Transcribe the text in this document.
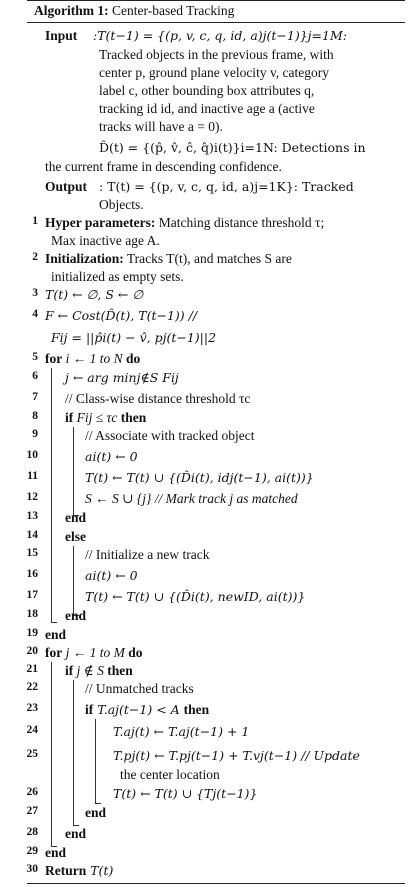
Algorithm 1: Center-based Tracking
Input :T(t−1) = {(p, v, c, q, id, a)j(t−1)}j=1M:
Tracked objects in the previous frame, with
center p, ground plane velocity v, category
label c, other bounding box attributes q,
tracking id id, and inactive age a (active
tracks will have a = 0).
D̂(t) = {(p̂, v̂, ĉ, q̂)i(t)}i=1N: Detections in
the current frame in descending confidence.
Output : T(t) = {(p, v, c, q, id, a)j=1K}: Tracked
Objects.
Hyper parameters: Matching distance threshold τ;
Max inactive age A.
Initialization: Tracks T(t), and matches S are
initialized as empty sets.
T(t) ← ∅, S ← ∅
F ← Cost(D̂(t), T(t−1)) //
Fij = ||p̂i(t) − v̂, pj(t−1)||2
for i ← 1 to N do
j ← arg minj∉S Fij
// Class-wise distance threshold τc
if Fij ≤ τc then
// Associate with tracked object
ai(t) ← 0
T(t) ← T(t) ∪ {(D̂i(t), idj(t−1), ai(t))}
S ← S ∪ {j} // Mark track j as matched
end
else
// Initialize a new track
ai(t) ← 0
T(t) ← T(t) ∪ {(D̂i(t), newID, ai(t))}
end
end
for j ← 1 to M do
if j ∉ S then
// Unmatched tracks
if T.aj(t−1) < A then
T.aj(t) ← T.aj(t−1) + 1
T.pj(t) ← T.pj(t−1) + T.vj(t−1) // Update
the center location
T(t) ← T(t) ∪ {Tj(t−1)}
end
end
end
Return T(t)
1
2
3
4
5
6
7
8
9
10
11
12
13
14
15
16
17
18
19
20
21
22
23
24
25
26
27
28
29
30
